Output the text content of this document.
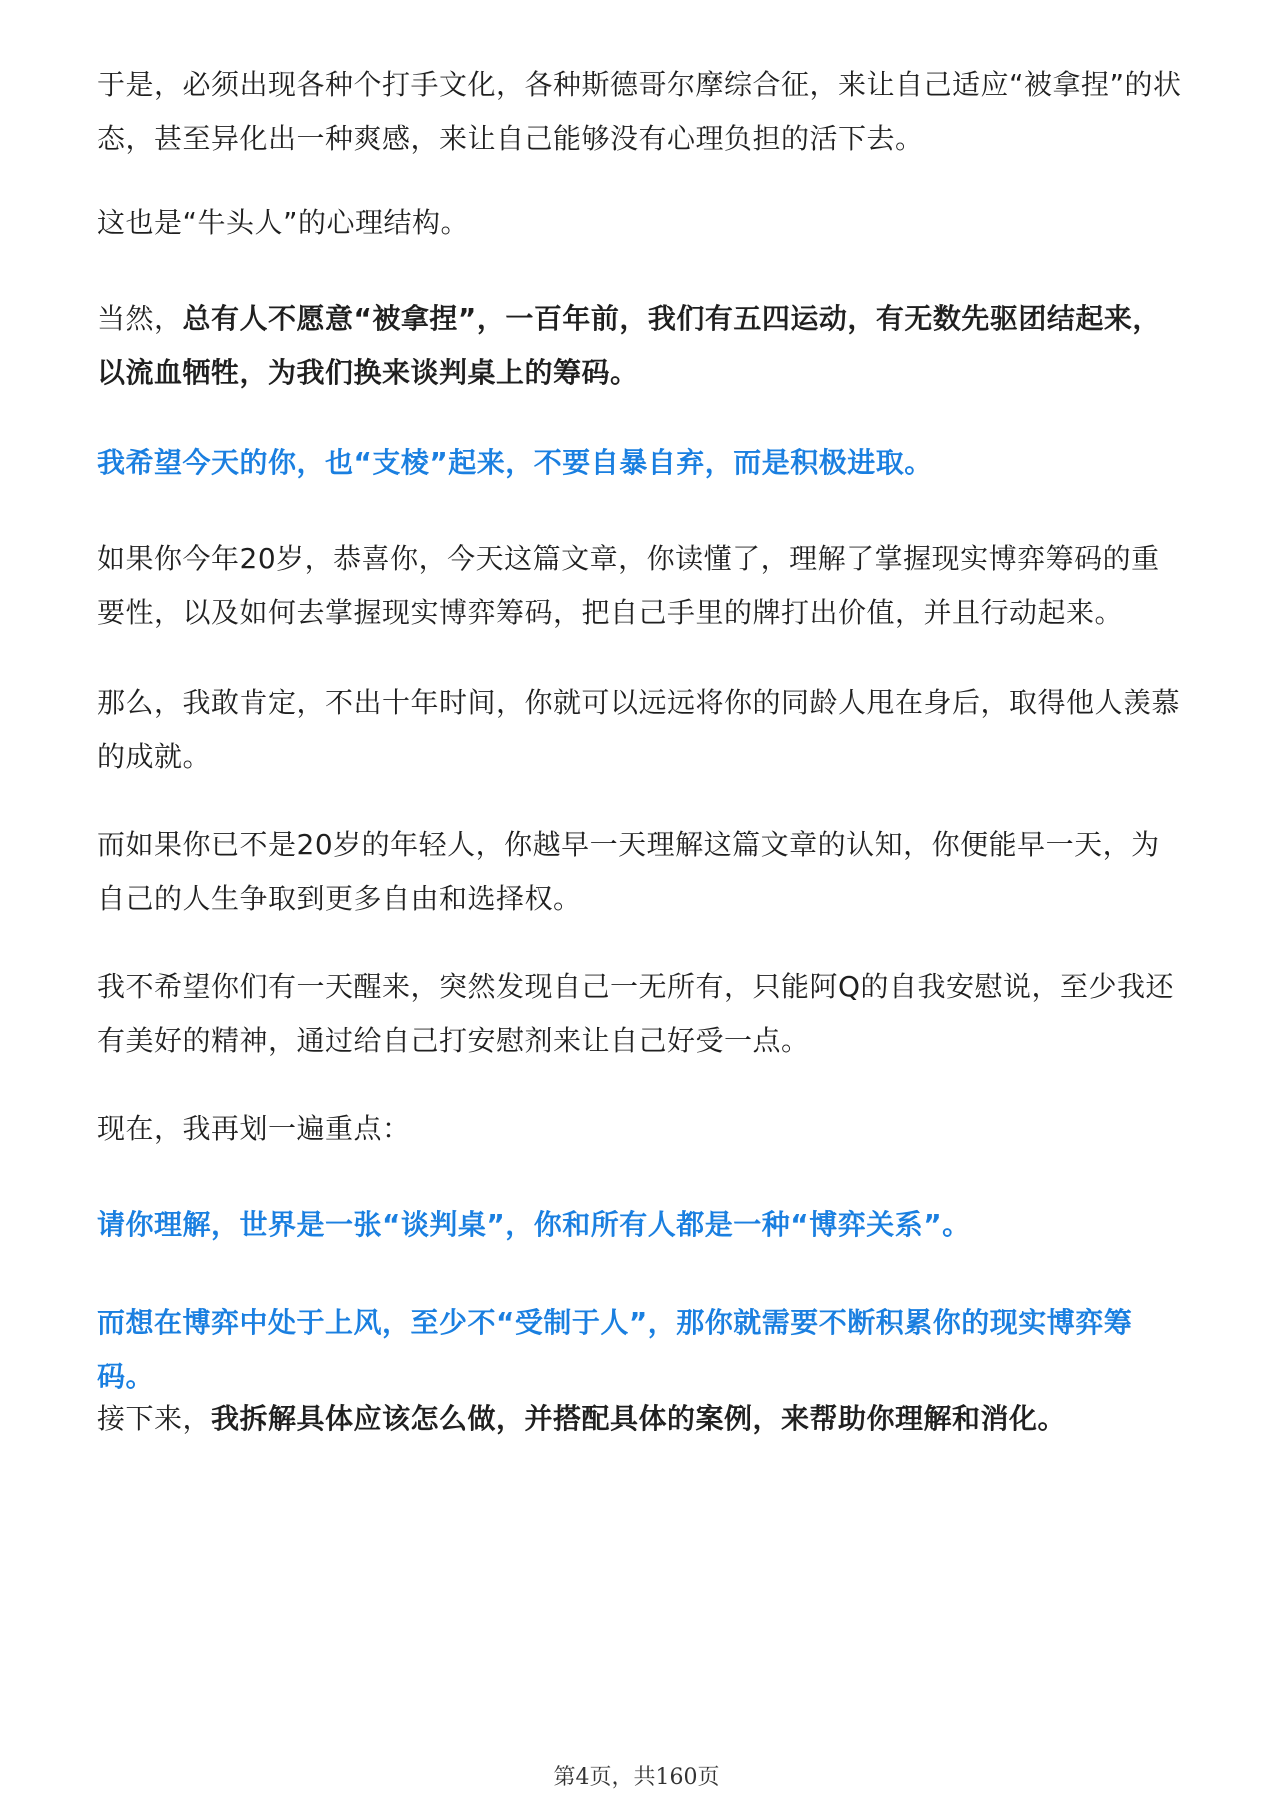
于是，必须出现各种个打手文化，各种斯德哥尔摩综合征，来让自己适应“被拿捏”的状态，甚至异化出一种爽感，来让自己能够没有心理负担的活下去。

这也是“牛头人”的心理结构。

当然，总有人不愿意“被拿捏”，一百年前，我们有五四运动，有无数先驱团结起来，以流血牺牲，为我们换来谈判桌上的筹码。

我希望今天的你，也“支棱”起来，不要自暴自弃，而是积极进取。

如果你今年20岁，恭喜你，今天这篇文章，你读懂了，理解了掌握现实博弈筹码的重要性，以及如何去掌握现实博弈筹码，把自己手里的牌打出价值，并且行动起来。

那么，我敢肯定，不出十年时间，你就可以远远将你的同龄人甩在身后，取得他人羡慕的成就。

而如果你已不是20岁的年轻人，你越早一天理解这篇文章的认知，你便能早一天，为自己的人生争取到更多自由和选择权。

我不希望你们有一天醒来，突然发现自己一无所有，只能阿Q的自我安慰说，至少我还有美好的精神，通过给自己打安慰剂来让自己好受一点。

现在，我再划一遍重点：

请你理解，世界是一张“谈判桌”，你和所有人都是一种“博弈关系”。

而想在博弈中处于上风，至少不“受制于人”，那你就需要不断积累你的现实博弈筹码。

接下来，我拆解具体应该怎么做，并搭配具体的案例，来帮助你理解和消化。

第4页，共160页
